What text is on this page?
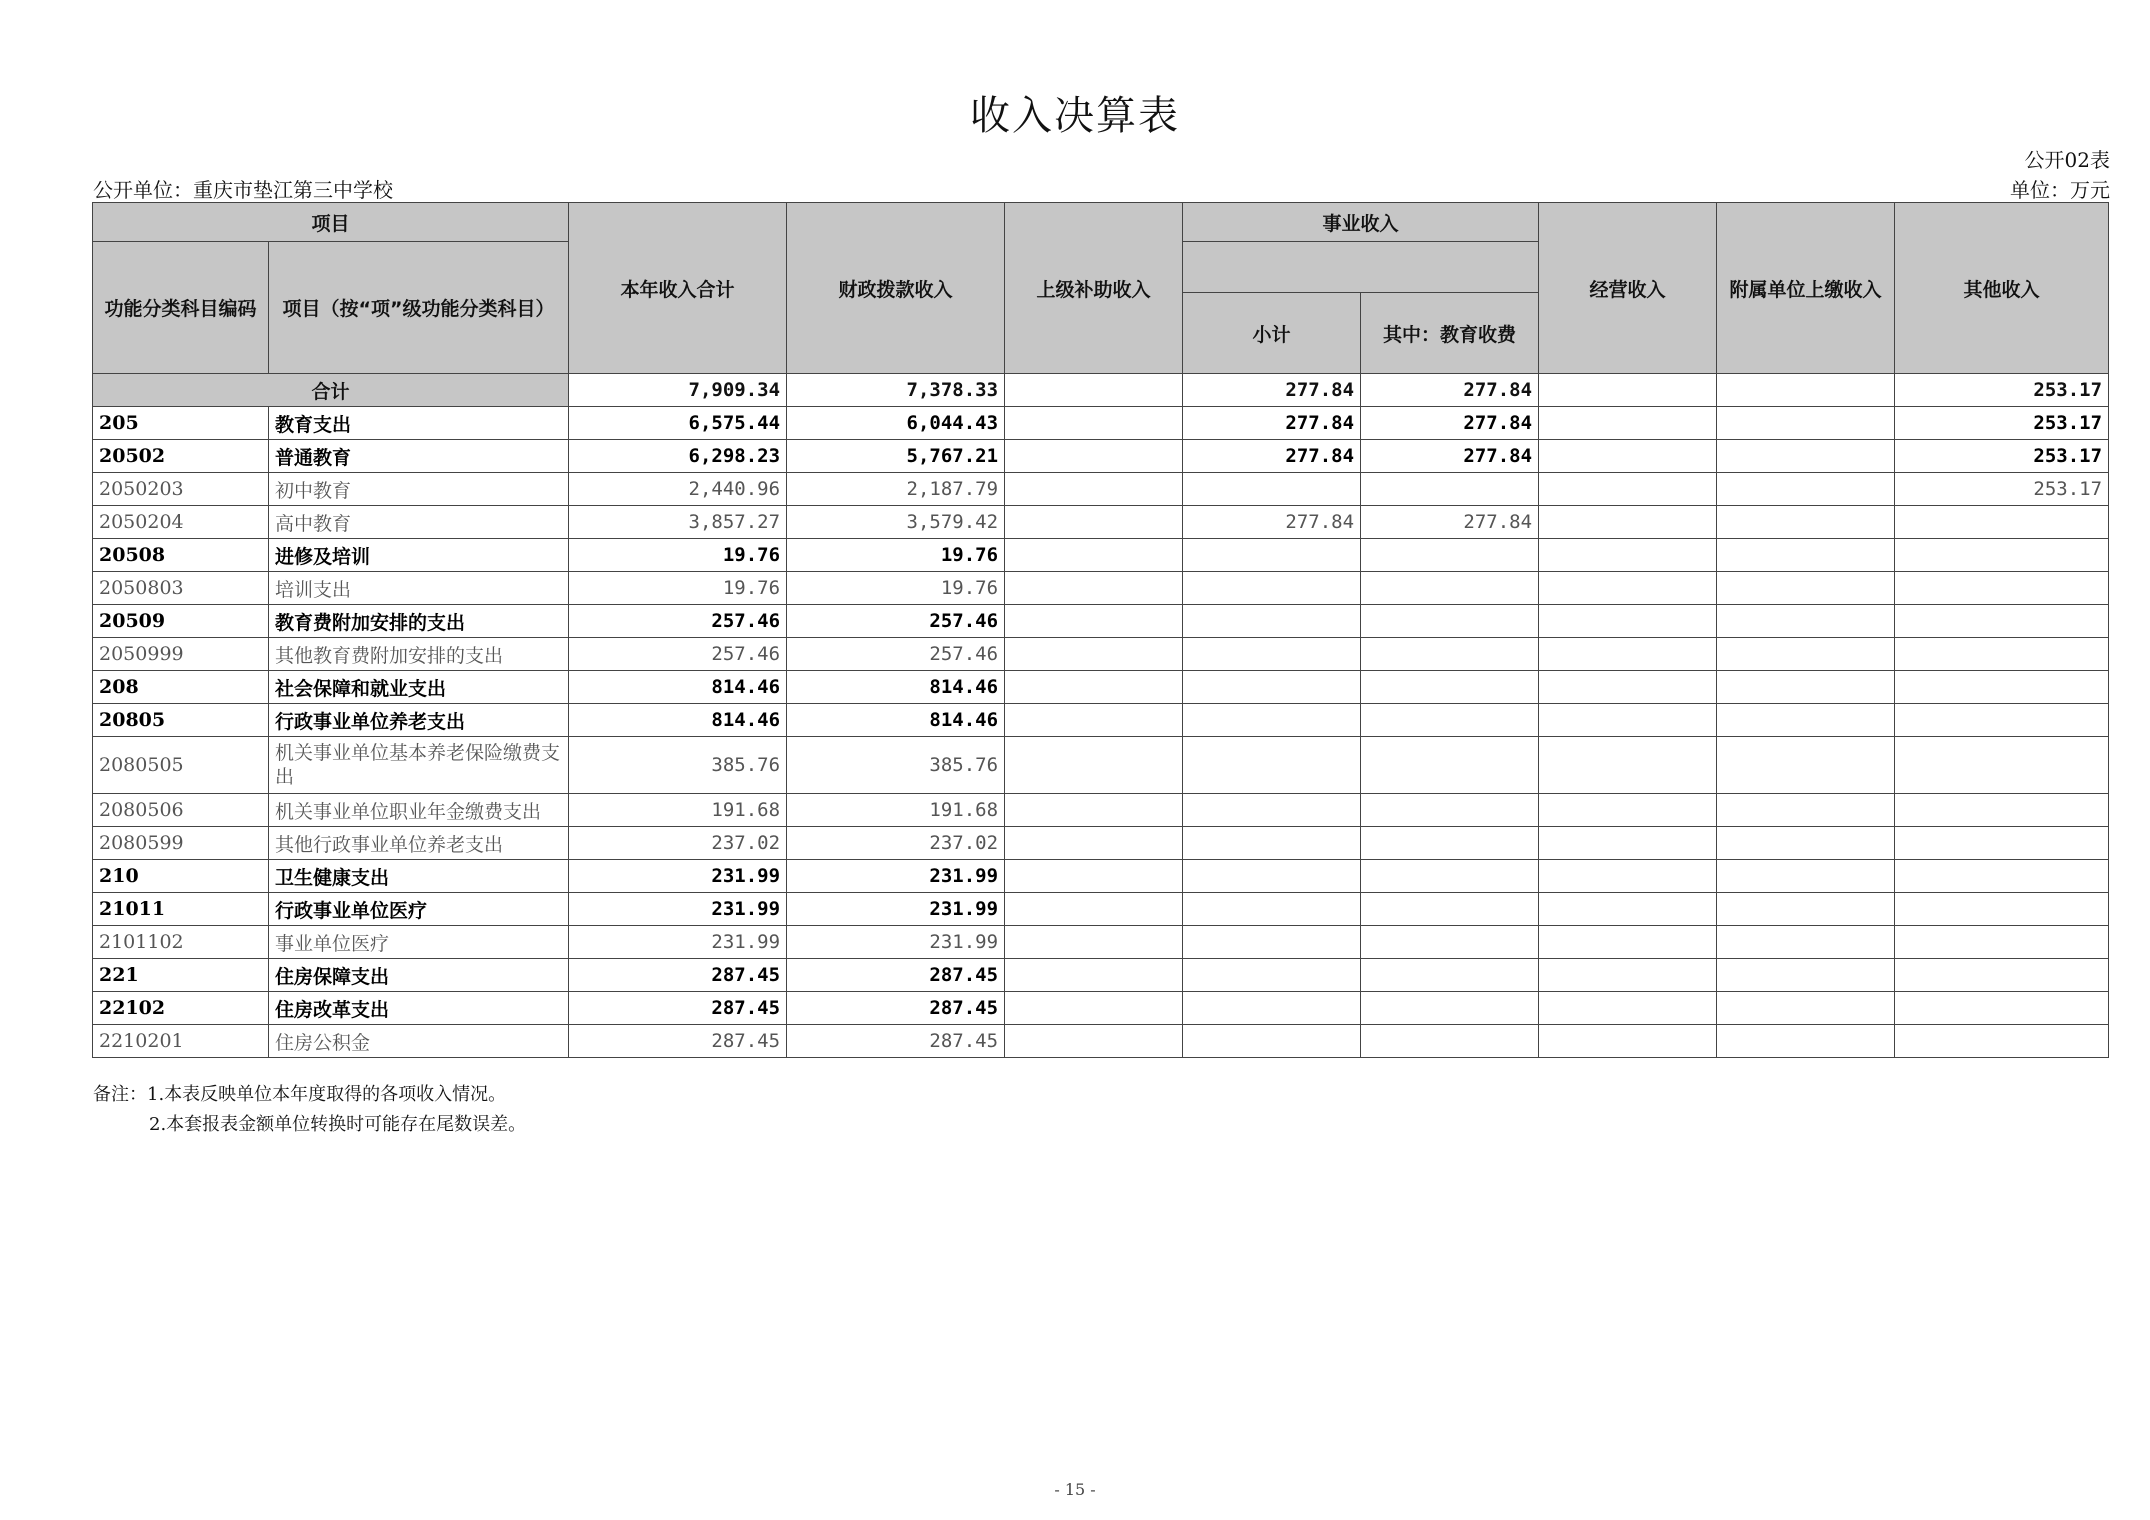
收入决算表
公开02表
公开单位：重庆市垫江第三中学校	单位：万元
项目		本年收入合计	财政拨款收入	上级补助收入	事业收入		经营收入	附属单位上缴收入	其他收入
功能分类科目编码	项目（按“项”级功能分类科目）								
					小计	其中：教育收费			
合计		7,909.34	7,378.33		277.84	277.84			253.17
205	教育支出	6,575.44	6,044.43		277.84	277.84			253.17
20502	普通教育	6,298.23	5,767.21		277.84	277.84			253.17
2050203	初中教育	2,440.96	2,187.79						253.17
2050204	高中教育	3,857.27	3,579.42		277.84	277.84			
20508	进修及培训	19.76	19.76						
2050803	培训支出	19.76	19.76						
20509	教育费附加安排的支出	257.46	257.46						
2050999	其他教育费附加安排的支出	257.46	257.46						
208	社会保障和就业支出	814.46	814.46						
20805	行政事业单位养老支出	814.46	814.46						
2080505	机关事业单位基本养老保险缴费支出	385.76	385.76						
2080506	机关事业单位职业年金缴费支出	191.68	191.68						
2080599	其他行政事业单位养老支出	237.02	237.02						
210	卫生健康支出	231.99	231.99						
21011	行政事业单位医疗	231.99	231.99						
2101102	事业单位医疗	231.99	231.99						
221	住房保障支出	287.45	287.45						
22102	住房改革支出	287.45	287.45						
2210201	住房公积金	287.45	287.45						
备注：1.本表反映单位本年度取得的各项收入情况。
2.本套报表金额单位转换时可能存在尾数误差。
- 15 -
